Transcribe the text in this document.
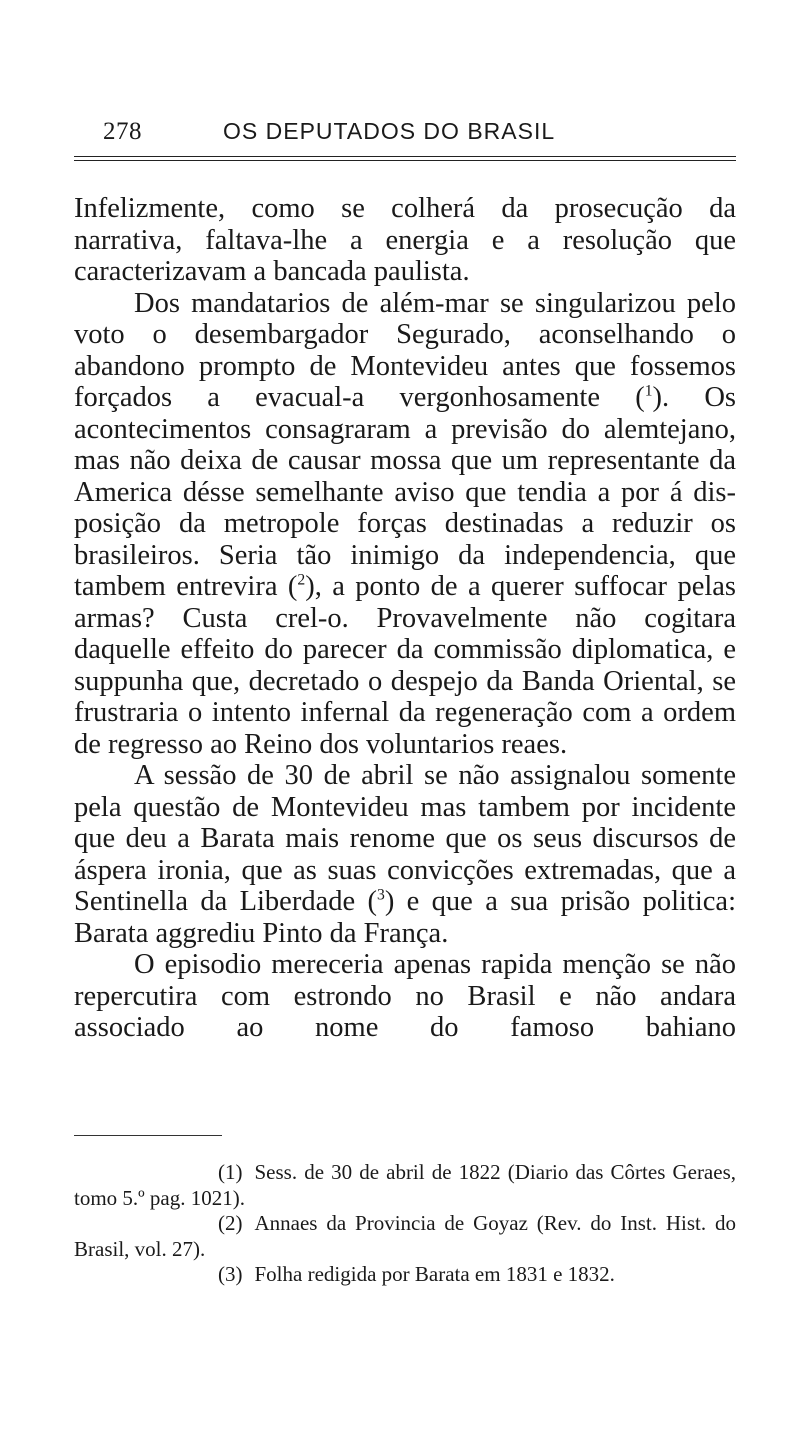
278	OS DEPUTADOS DO BRASIL

Infelizmente, como se colherá da prosecução da narrativa, faltava-lhe a energia e a resolução que caracterizavam a bancada paulista.

Dos mandatarios de além-mar se singularizou pelo voto o desembargador Segurado, aconselhando o abandono prompto de Montevideu antes que fossemos forçados a evacual-a vergonhosamente ($^1$). Os acontecimentos consagraram a previsão do alemtejano, mas não deixa de causar mossa que um representante da America désse semelhante aviso que tendia a por á disposição da metropole forças destinadas a reduzir os brasileiros. Seria tão inimigo da independencia, que tambem entrevira ($^2$), a ponto de a querer suffocar pelas armas? Custa crel-o. Provavelmente não cogitara daquelle effeito do parecer da commissão diplomatica, e suppunha que, decretado o despejo da Banda Oriental, se frustraria o intento infernal da regeneração com a ordem de regresso ao Reino dos voluntarios reaes.

A sessão de 30 de abril se não assignalou somente pela questão de Montevideu mas tambem por incidente que deu a Barata mais renome que os seus discursos de áspera ironia, que as suas convicções extremadas, que a Sentinella da Liberdade ($^3$) e que a sua prisão politica: Barata aggrediu Pinto da França.

O episodio mereceria apenas rapida menção se não repercutira com estrondo no Brasil e não andara associado ao nome do famoso bahiano

(1) Sess. de 30 de abril de 1822 (Diario das Côrtes Geraes, tomo 5.º pag. 1021).

(2) Annaes da Provincia de Goyaz (Rev. do Inst. Hist. do Brasil, vol. 27).

(3) Folha redigida por Barata em 1831 e 1832.
